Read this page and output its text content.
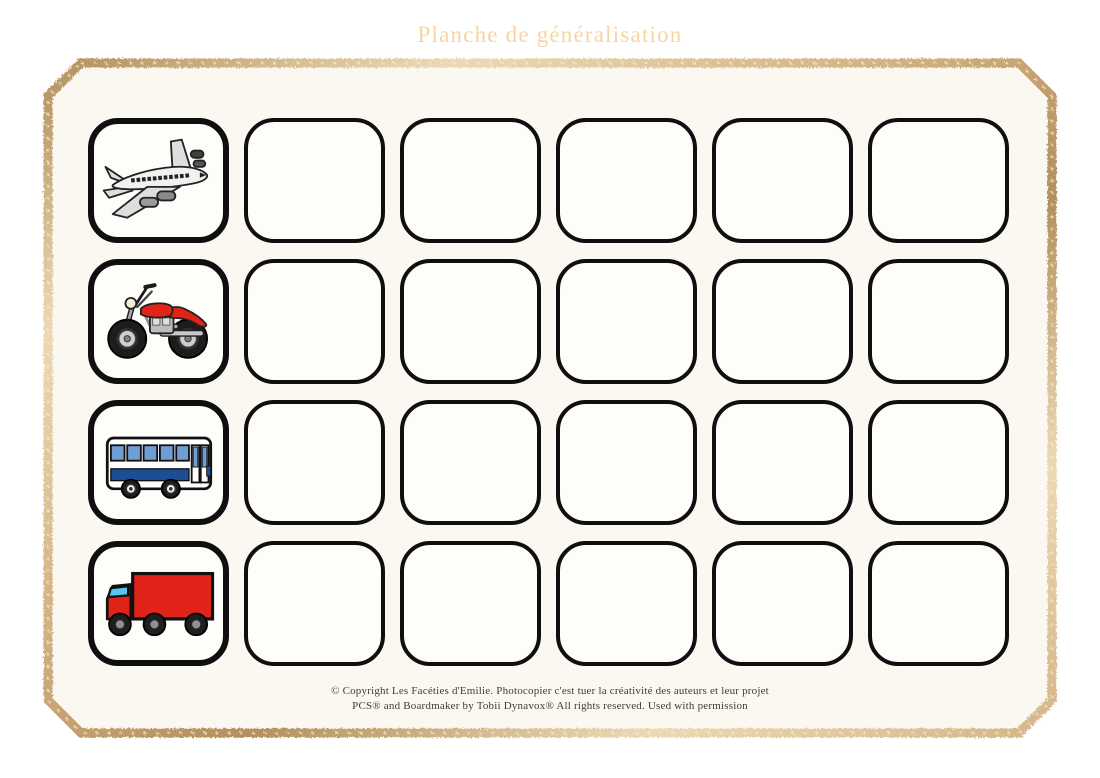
Planche de généralisation
© Copyright Les Facéties d'Emilie. Photocopier c'est tuer la créativité des auteurs et leur projet
PCS® and Boardmaker by Tobii Dynavox® All rights reserved. Used with permission
